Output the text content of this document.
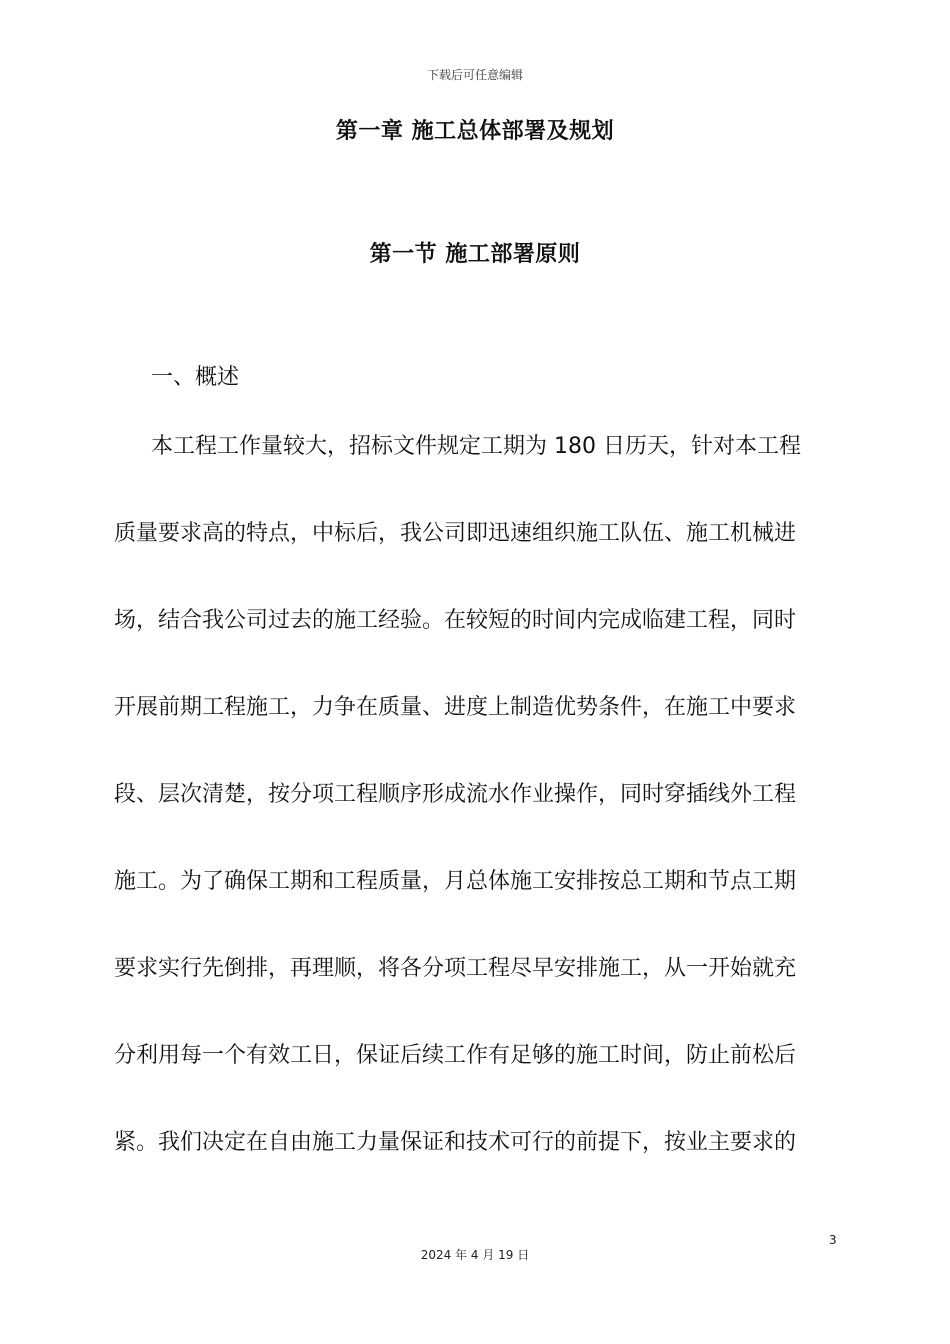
下载后可任意编辑
第一章 施工总体部署及规划
第一节 施工部署原则
一、概述
本工程工作量较大，招标文件规定工期为 180 日历天，针对本工程
质量要求高的特点，中标后，我公司即迅速组织施工队伍、施工机械进
场，结合我公司过去的施工经验。在较短的时间内完成临建工程，同时
开展前期工程施工，力争在质量、进度上制造优势条件，在施工中要求
段、层次清楚，按分项工程顺序形成流水作业操作，同时穿插线外工程
施工。为了确保工期和工程质量，月总体施工安排按总工期和节点工期
要求实行先倒排，再理顺，将各分项工程尽早安排施工，从一开始就充
分利用每一个有效工日，保证后续工作有足够的施工时间，防止前松后
紧。我们决定在自由施工力量保证和技术可行的前提下，按业主要求的
3
2024 年 4 月 19 日
